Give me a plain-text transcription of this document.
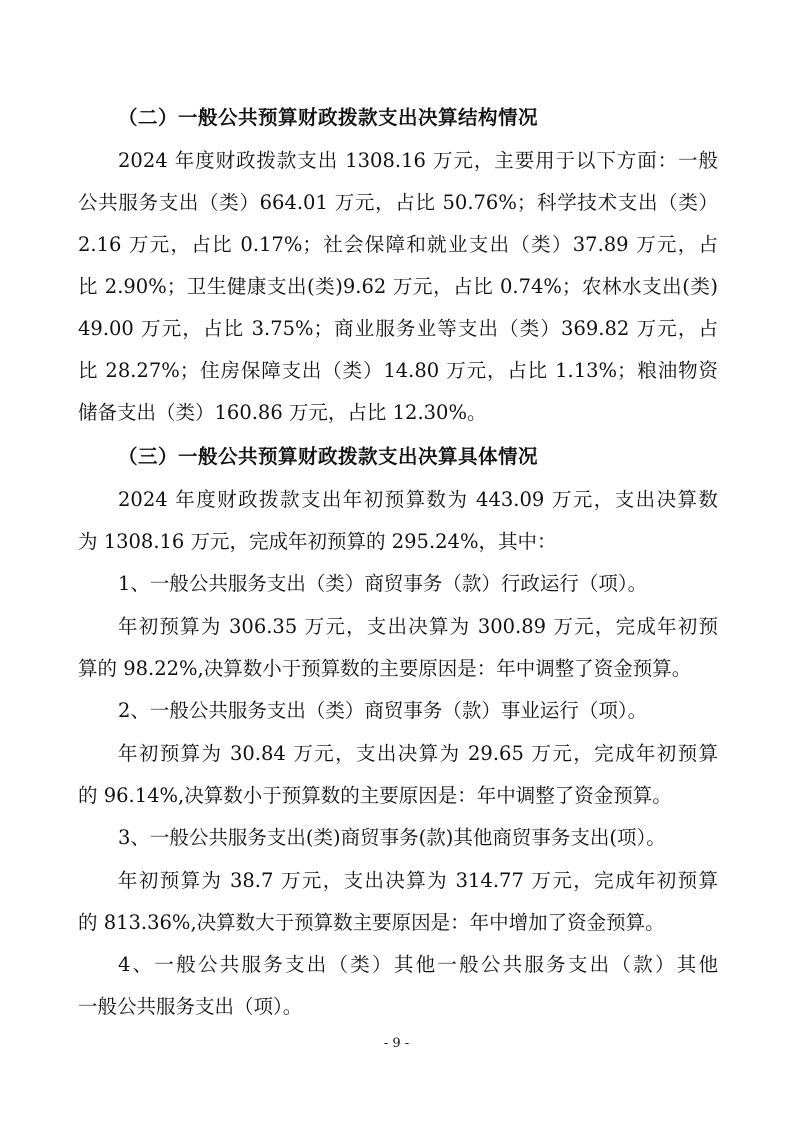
（二）一般公共预算财政拨款支出决算结构情况
2024 年度财政拨款支出 1308.16 万元，主要用于以下方面：一般
公共服务支出（类）664.01 万元，占比 50.76%；科学技术支出（类）
2.16 万元，占比 0.17%；社会保障和就业支出（类）37.89 万元，占
比 2.90%；卫生健康支出(类)9.62 万元，占比 0.74%；农林水支出(类)
49.00 万元，占比 3.75%；商业服务业等支出（类）369.82 万元，占
比 28.27%；住房保障支出（类）14.80 万元，占比 1.13%；粮油物资
储备支出（类）160.86 万元，占比 12.30%。
（三）一般公共预算财政拨款支出决算具体情况
2024 年度财政拨款支出年初预算数为 443.09 万元，支出决算数
为 1308.16 万元，完成年初预算的 295.24%，其中：
1、一般公共服务支出（类）商贸事务（款）行政运行（项）。
年初预算为 306.35 万元，支出决算为 300.89 万元，完成年初预
算的 98.22%,决算数小于预算数的主要原因是：年中调整了资金预算。
2、一般公共服务支出（类）商贸事务（款）事业运行（项）。
年初预算为 30.84 万元，支出决算为 29.65 万元，完成年初预算
的 96.14%,决算数小于预算数的主要原因是：年中调整了资金预算。
3、一般公共服务支出(类)商贸事务(款)其他商贸事务支出(项）。
年初预算为 38.7 万元，支出决算为 314.77 万元，完成年初预算
的 813.36%,决算数大于预算数主要原因是：年中增加了资金预算。
4、一般公共服务支出（类）其他一般公共服务支出（款）其他
一般公共服务支出（项）。
- 9 -
